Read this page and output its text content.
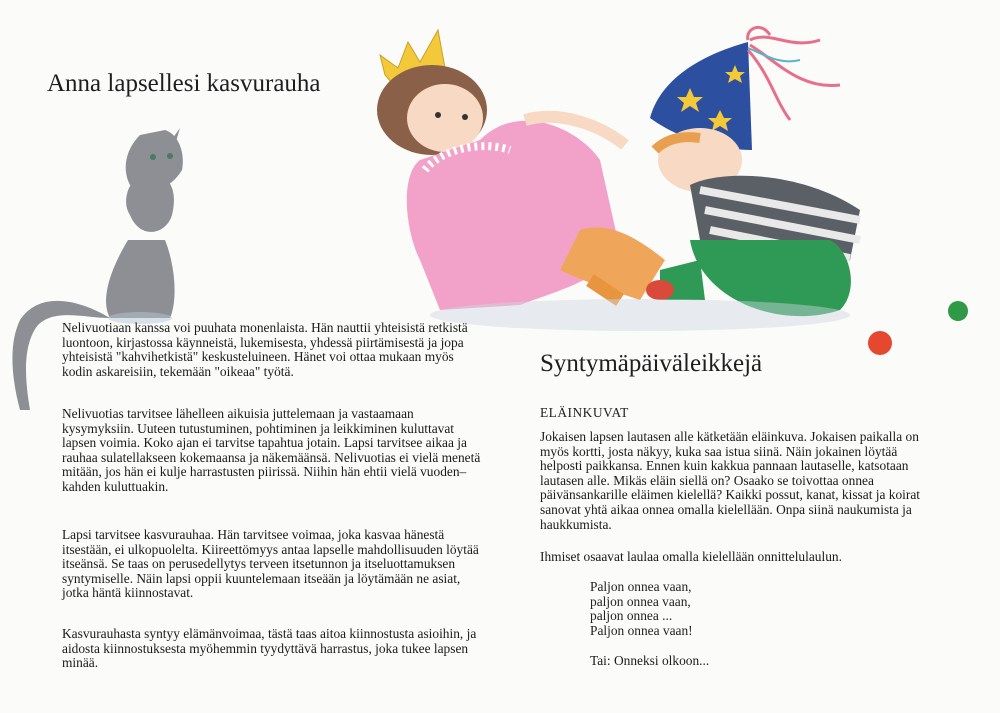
Anna lapsellesi kasvurauha

Nelivuotiaan kanssa voi puuhata monenlaista. Hän nauttii yhteisistä retkistä luontoon, kirjastossa käynneistä, lukemisesta, yhdessä piirtämisestä ja jopa yhteisistä "kahvihetkistä" keskusteluineen. Hänet voi ottaa mukaan myös kodin askareisiin, tekemään "oikeaa" työtä.

Nelivuotias tarvitsee lähelleen aikuisia juttelemaan ja vastaamaan kysymyksiin. Uuteen tutustuminen, pohtiminen ja leikkiminen kuluttavat lapsen voimia. Koko ajan ei tarvitse tapahtua jotain. Lapsi tarvitsee aikaa ja rauhaa sulatellakseen kokemaansa ja näkemäänsä. Nelivuotias ei vielä menetä mitään, jos hän ei kulje harrastusten piirissä. Niihin hän ehtii vielä vuoden–kahden kuluttuakin.

Lapsi tarvitsee kasvurauhaa. Hän tarvitsee voimaa, joka kasvaa hänestä itsestään, ei ulkopuolelta. Kiireettömyys antaa lapselle mahdollisuuden löytää itseänsä. Se taas on perusedellytys terveen itsetunnon ja itseluottamuksen syntymiselle. Näin lapsi oppii kuuntelemaan itseään ja löytämään ne asiat, jotka häntä kiinnostavat.

Kasvurauhasta syntyy elämänvoimaa, tästä taas aitoa kiinnostusta asioihin, ja aidosta kiinnostuksesta myöhemmin tyydyttävä harrastus, joka tukee lapsen minää.

Syntymäpäiväleikkejä

ELÄINKUVAT

Jokaisen lapsen lautasen alle kätketään eläinkuva. Jokaisen paikalla on myös kortti, josta näkyy, kuka saa istua siinä. Näin jokainen löytää helposti paikkansa. Ennen kuin kakkua pannaan lautaselle, katsotaan lautasen alle. Mikäs eläin siellä on? Osaako se toivottaa onnea päivänsankarille eläimen kielellä? Kaikki possut, kanat, kissat ja koirat sanovat yhtä aikaa onnea omalla kielellään. Onpa siinä naukumista ja haukkumista.

Ihmiset osaavat laulaa omalla kielellään onnittelulaulun.

Paljon onnea vaan,
paljon onnea vaan,
paljon onnea ...
Paljon onnea vaan!

Tai: Onneksi olkoon...
